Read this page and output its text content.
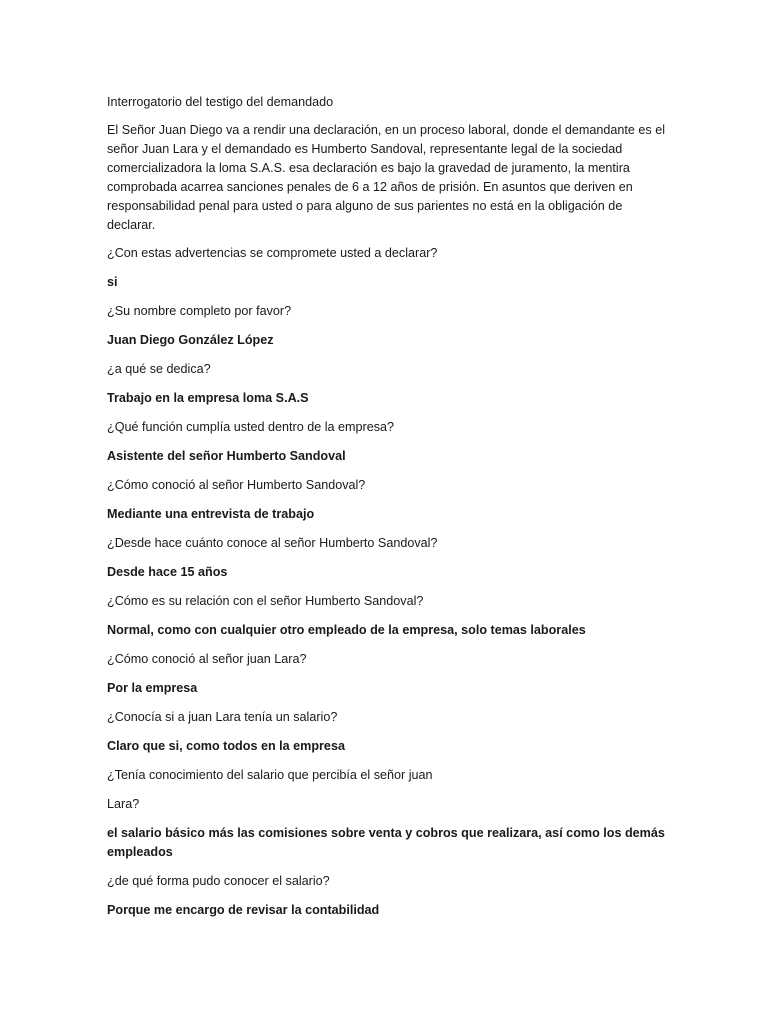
Interrogatorio del testigo del demandado

El Señor Juan Diego va a rendir una declaración, en un proceso laboral, donde el demandante es el señor Juan Lara y el demandado es Humberto Sandoval, representante legal de la sociedad comercializadora la loma S.A.S. esa declaración es bajo la gravedad de juramento, la mentira comprobada acarrea sanciones penales de 6 a 12 años de prisión. En asuntos que deriven en responsabilidad penal para usted o para alguno de sus parientes no está en la obligación de declarar.

¿Con estas advertencias se compromete usted a declarar?

si

¿Su nombre completo por favor?

Juan Diego González López

¿a qué se dedica?

Trabajo en la empresa loma S.A.S

¿Qué función cumplía usted dentro de la empresa?

Asistente del señor Humberto Sandoval

¿Cómo conoció al señor Humberto Sandoval?

Mediante una entrevista de trabajo

¿Desde hace cuánto conoce al señor Humberto Sandoval?

Desde hace 15 años

¿Cómo es su relación con el señor Humberto Sandoval?

Normal, como con cualquier otro empleado de la empresa, solo temas laborales

¿Cómo conoció al señor juan Lara?

Por la empresa

¿Conocía si a juan Lara tenía un salario?

Claro que si, como todos en la empresa

¿Tenía conocimiento del salario que percibía el señor juan

Lara?

el salario básico más las comisiones sobre venta y cobros que realizara, así como los demás empleados

¿de qué forma pudo conocer el salario?

Porque me encargo de revisar la contabilidad
